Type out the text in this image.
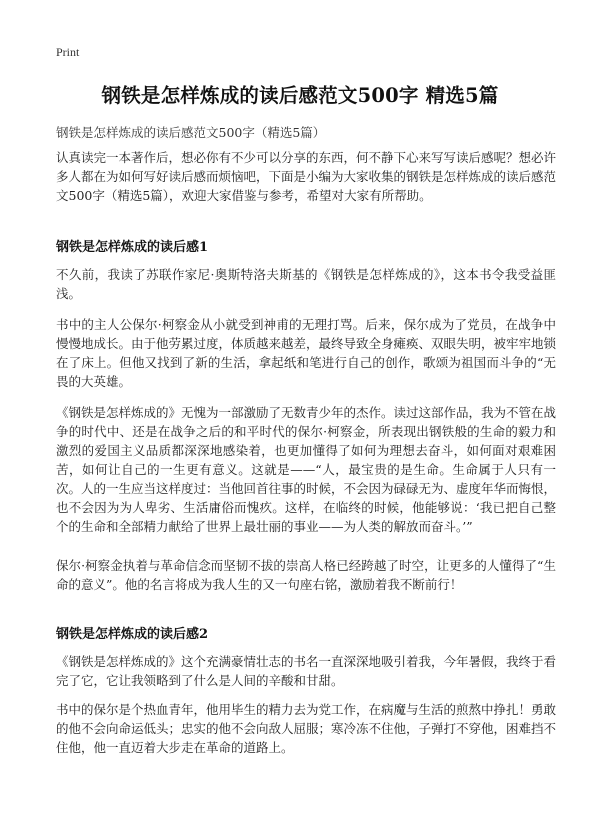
Print
钢铁是怎样炼成的读后感范文500字 精选5篇
钢铁是怎样炼成的读后感范文500字（精选5篇）
认真读完一本著作后，想必你有不少可以分享的东西，何不静下心来写写读后感呢？想必许多人都在为如何写好读后感而烦恼吧，下面是小编为大家收集的钢铁是怎样炼成的读后感范文500字（精选5篇），欢迎大家借鉴与参考，希望对大家有所帮助。
钢铁是怎样炼成的读后感1
不久前，我读了苏联作家尼·奥斯特洛夫斯基的《钢铁是怎样炼成的》，这本书令我受益匪浅。
书中的主人公保尔·柯察金从小就受到神甫的无理打骂。后来，保尔成为了党员，在战争中慢慢地成长。由于他劳累过度，体质越来越差，最终导致全身瘫痪、双眼失明，被牢牢地锁在了床上。但他又找到了新的生活，拿起纸和笔进行自己的创作，歌颂为祖国而斗争的“无畏的大英雄。
《钢铁是怎样炼成的》无愧为一部激励了无数青少年的杰作。读过这部作品，我为不管在战争的时代中、还是在战争之后的和平时代的保尔·柯察金，所表现出钢铁般的生命的毅力和激烈的爱国主义品质都深深地感染着，也更加懂得了如何为理想去奋斗，如何面对艰难困苦，如何让自己的一生更有意义。这就是——“人，最宝贵的是生命。生命属于人只有一次。人的一生应当这样度过：当他回首往事的时候，不会因为碌碌无为、虚度年华而悔恨，也不会因为为人卑劣、生活庸俗而愧疚。这样，在临终的时候，他能够说：‘我已把自己整个的生命和全部精力献给了世界上最壮丽的事业——为人类的解放而奋斗。’”
保尔·柯察金执着与革命信念而坚韧不拔的崇高人格已经跨越了时空，让更多的人懂得了“生命的意义”。他的名言将成为我人生的又一句座右铭，激励着我不断前行！
钢铁是怎样炼成的读后感2
《钢铁是怎样炼成的》这个充满豪情壮志的书名一直深深地吸引着我，今年暑假，我终于看完了它，它让我领略到了什么是人间的辛酸和甘甜。
书中的保尔是个热血青年，他用毕生的精力去为党工作，在病魔与生活的煎熬中挣扎！勇敢的他不会向命运低头；忠实的他不会向敌人屈服；寒冷冻不住他，子弹打不穿他，困难挡不住他，他一直迈着大步走在革命的道路上。
